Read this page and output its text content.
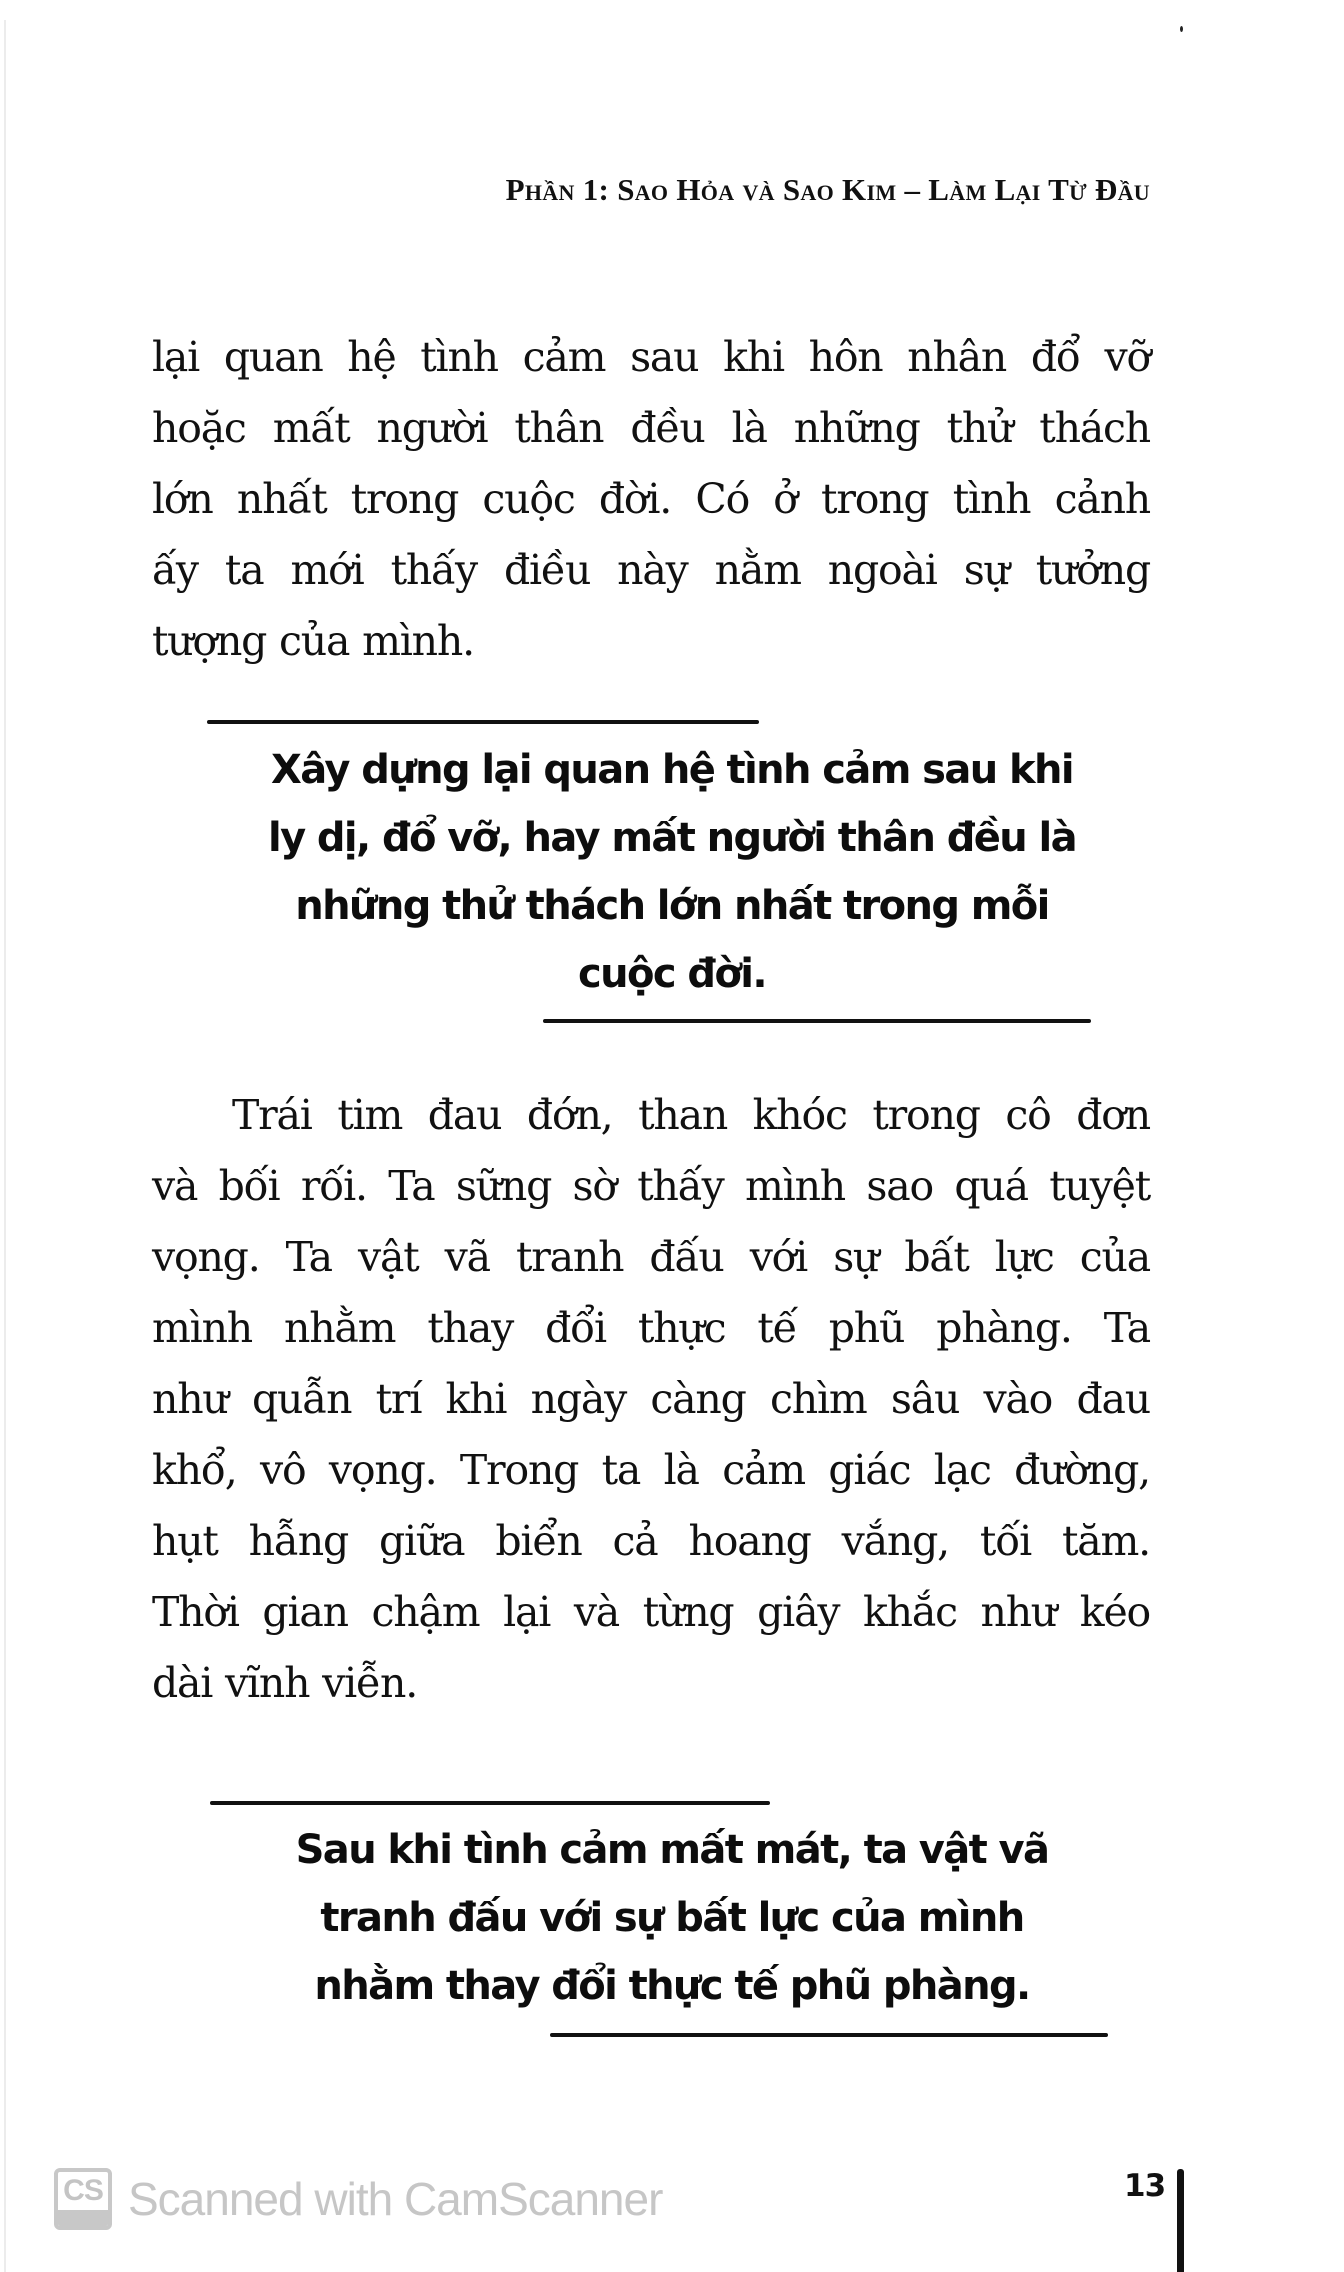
Phần 1: Sao Hỏa và Sao Kim – Làm Lại Từ Đầu
lại quan hệ tình cảm sau khi hôn nhân đổ vỡ
hoặc mất người thân đều là những thử thách
lớn nhất trong cuộc đời. Có ở trong tình cảnh
ấy ta mới thấy điều này nằm ngoài sự tưởng
tượng của mình.
Xây dựng lại quan hệ tình cảm sau khi
ly dị, đổ vỡ, hay mất người thân đều là
những thử thách lớn nhất trong mỗi
cuộc đời.
Trái tim đau đớn, than khóc trong cô đơn
và bối rối. Ta sững sờ thấy mình sao quá tuyệt
vọng. Ta vật vã tranh đấu với sự bất lực của
mình nhằm thay đổi thực tế phũ phàng. Ta
như quẫn trí khi ngày càng chìm sâu vào đau
khổ, vô vọng. Trong ta là cảm giác lạc đường,
hụt hẫng giữa biển cả hoang vắng, tối tăm.
Thời gian chậm lại và từng giây khắc như kéo
dài vĩnh viễn.
Sau khi tình cảm mất mát, ta vật vã
tranh đấu với sự bất lực của mình
nhằm thay đổi thực tế phũ phàng.
CS Scanned with CamScanner	13
